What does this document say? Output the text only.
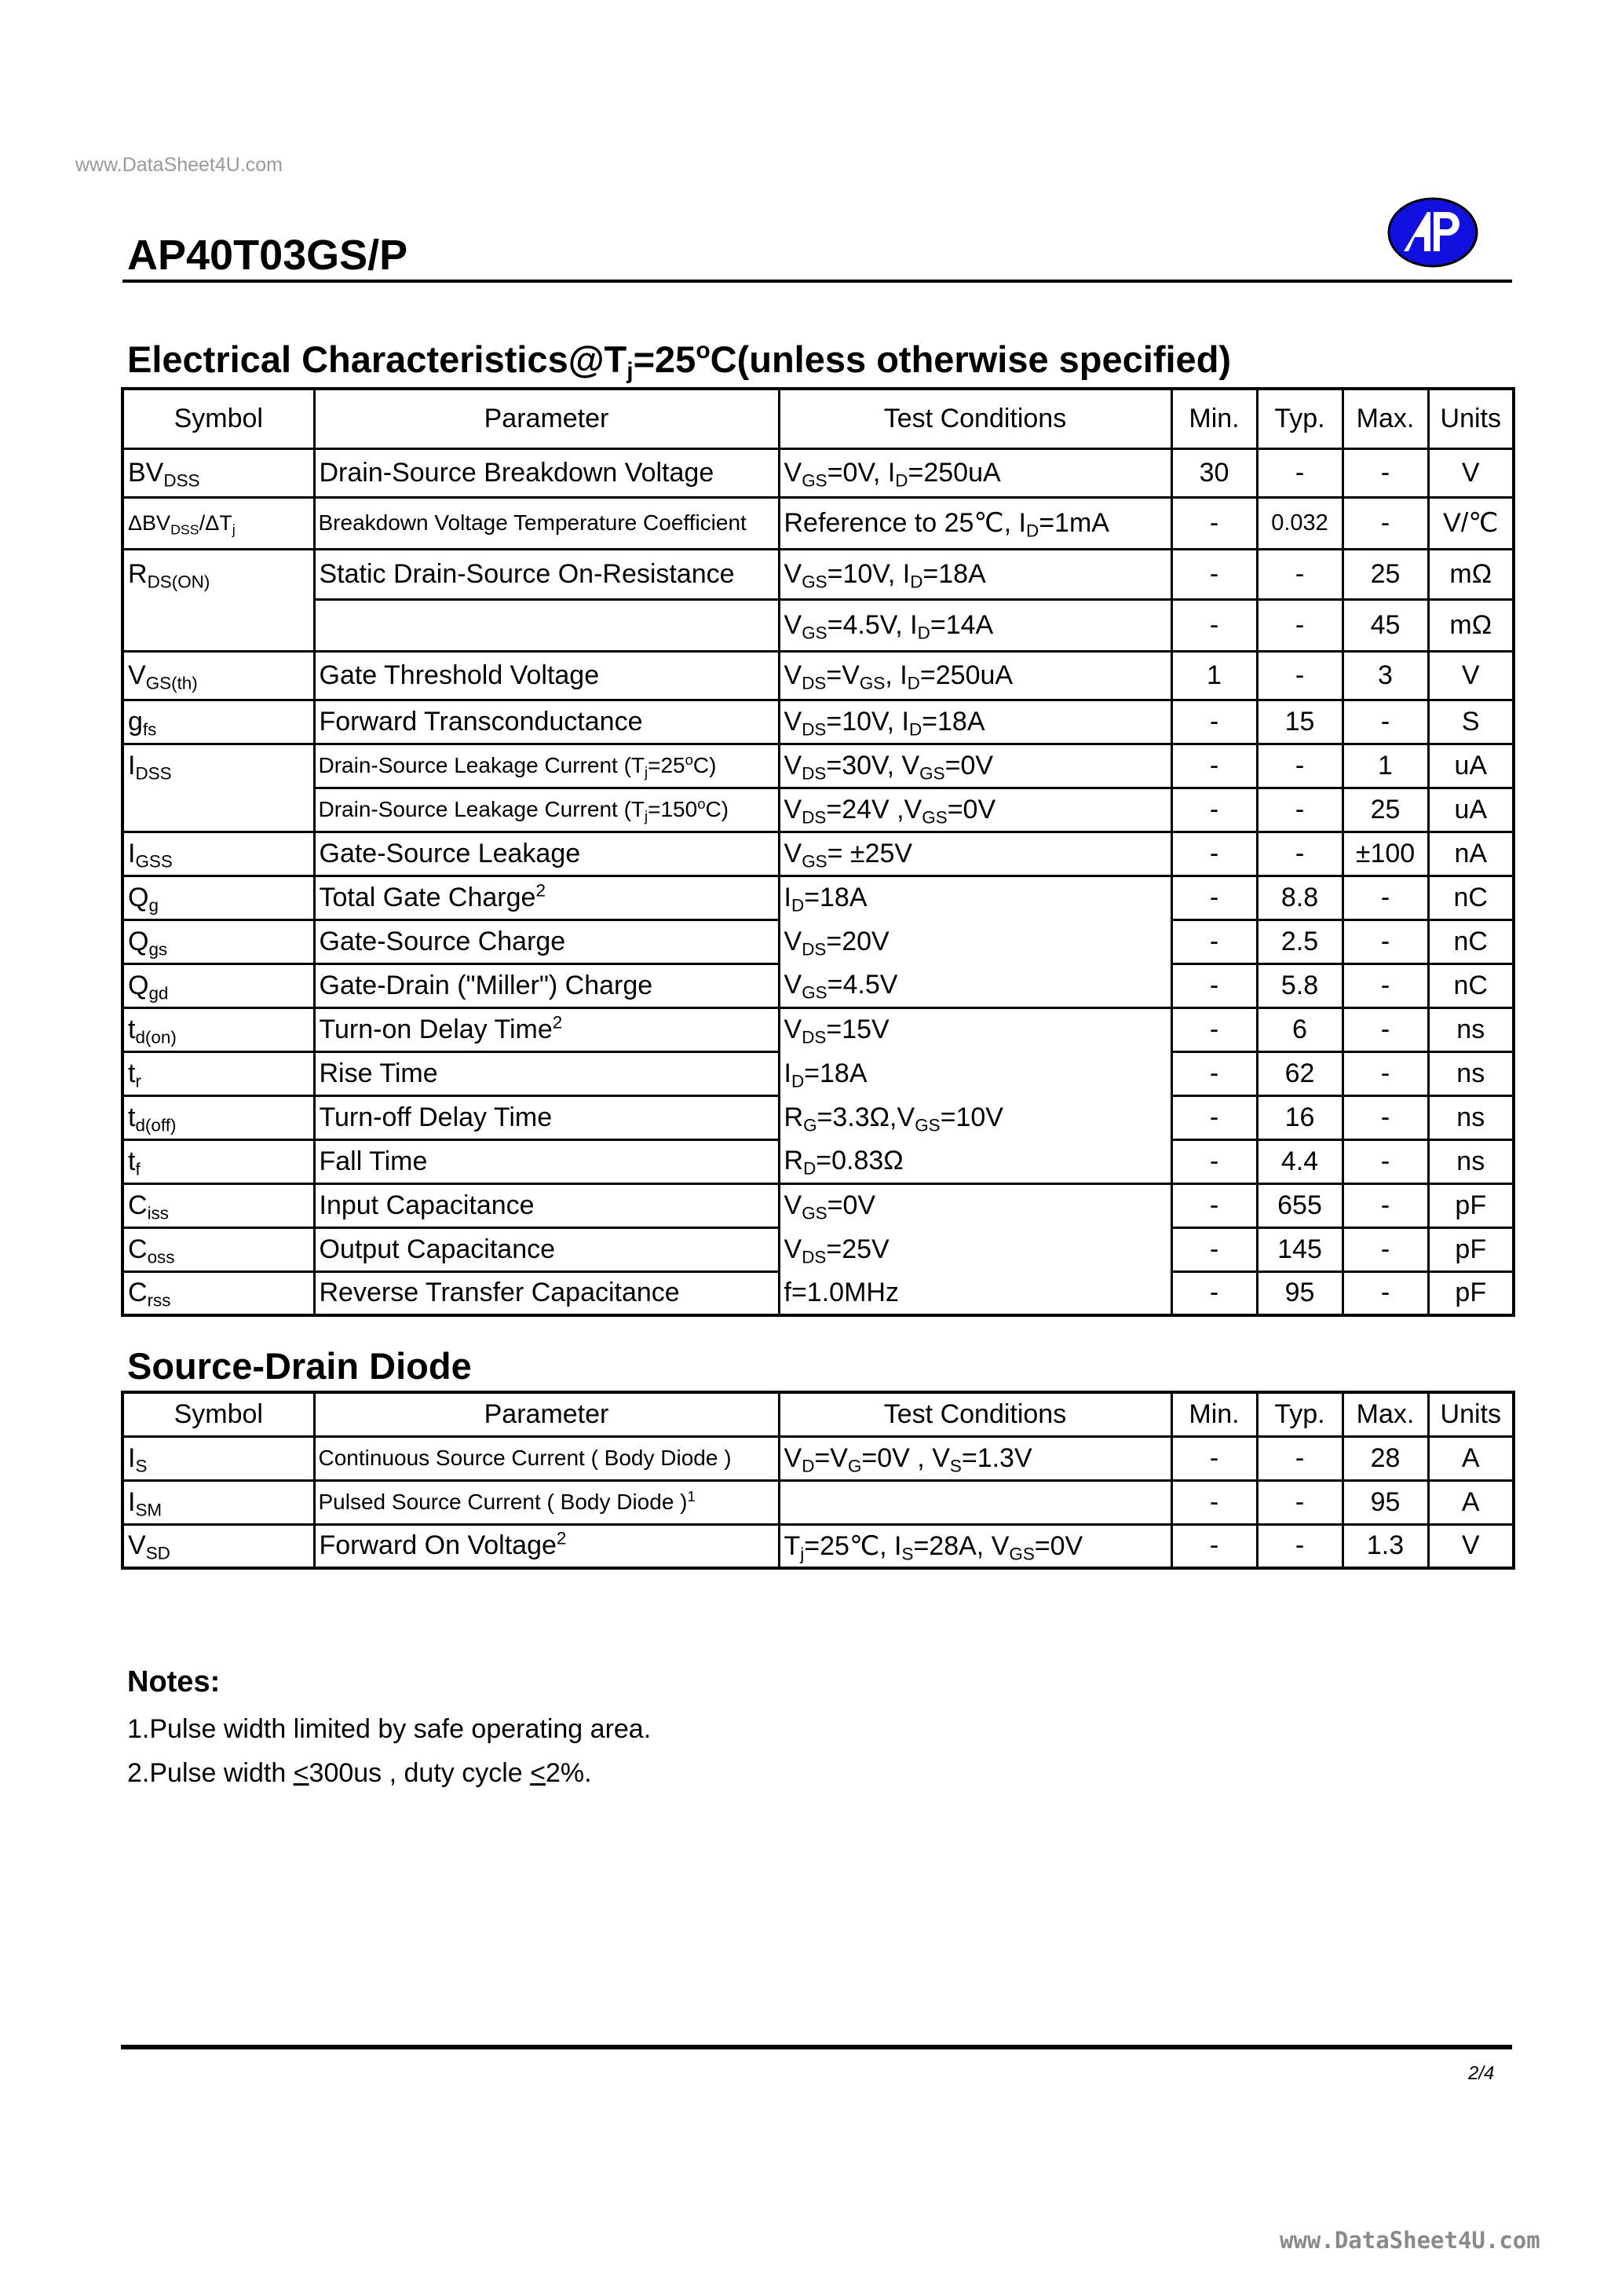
www.DataSheet4U.com
AP40T03GS/P
Electrical $Characteristics@T_j=25^oC(unless$ otherwise specified)
Symbol	Parameter	Test Conditions	Min.	Typ.	Max.	Units
$BV_{DSS}$	Drain-Source Breakdown Voltage	$V_{GS}=0V$, $I_D=250uA$	30	-	-	V
$\Delta BV_{DSS}/\Delta T_j$	Breakdown Voltage Temperature Coefficient	Reference to 25℃, $I_D=1mA$	-	0.032	-	V/℃
$R_{DS(ON)}$	Static Drain-Source On-Resistance	$V_{GS}=10V$, $I_D=18A$	-	-	25	mΩ
		$V_{GS}=4.5V$, $I_D=14A$	-	-	45	mΩ
$V_{GS(th)}$	Gate Threshold Voltage	$V_{DS}=V_{GS}$, $I_D=250uA$	1	-	3	V
$g_{fs}$	Forward Transconductance	$V_{DS}=10V$, $I_D=18A$	-	15	-	S
$I_{DSS}$	Drain-Source Leakage Current $(T_j=25^oC)$	$V_{DS}=30V$, $V_{GS}=0V$	-	-	1	uA
	Drain-Source Leakage Current $(T_j=150^oC)$	$V_{DS}=24V$ $,V_{GS}=0V$	-	-	25	uA
$I_{GSS}$	Gate-Source Leakage	$V_{GS}= \pm 25V$	-	-	±100	nA
$Q_g$	Total Gate Charge$^2$	$I_D=18A$	-	8.8	-	nC
$Q_{gs}$	Gate-Source Charge	$V_{DS}=20V$	-	2.5	-	nC
$Q_{gd}$	Gate-Drain ("Miller") Charge	$V_{GS}=4.5V$	-	5.8	-	nC
$t_{d(on)}$	Turn-on Delay Time$^2$	$V_{DS}=15V$	-	6	-	ns
$t_r$	Rise Time	$I_D=18A$	-	62	-	ns
$t_{d(off)}$	Turn-off Delay Time	$R_G=3.3\Omega,V_{GS}=10V$	-	16	-	ns
$t_f$	Fall Time	$R_D=0.83\Omega$	-	4.4	-	ns
$C_{iss}$	Input Capacitance	$V_{GS}=0V$	-	655	-	pF
$C_{oss}$	Output Capacitance	$V_{DS}=25V$	-	145	-	pF
$C_{rss}$	Reverse Transfer Capacitance	f=1.0MHz	-	95	-	pF
Source-Drain Diode
Symbol	Parameter	Test Conditions	Min.	Typ.	Max.	Units
$I_S$	Continuous Source Current ( Body Diode )	$V_D=V_G=0V$ , $V_S=1.3V$	-	-	28	A
$I_{SM}$	Pulsed Source Current ( Body Diode )$^1$		-	-	95	A
$V_{SD}$	Forward On Voltage$^2$	$T_j=25℃$, $I_S=28A$, $V_{GS}=0V$	-	-	1.3	V
Notes:
1.Pulse width limited by safe operating area.
2.Pulse width <300us , duty cycle <2%.
2/4
www.DataSheet4U.com
